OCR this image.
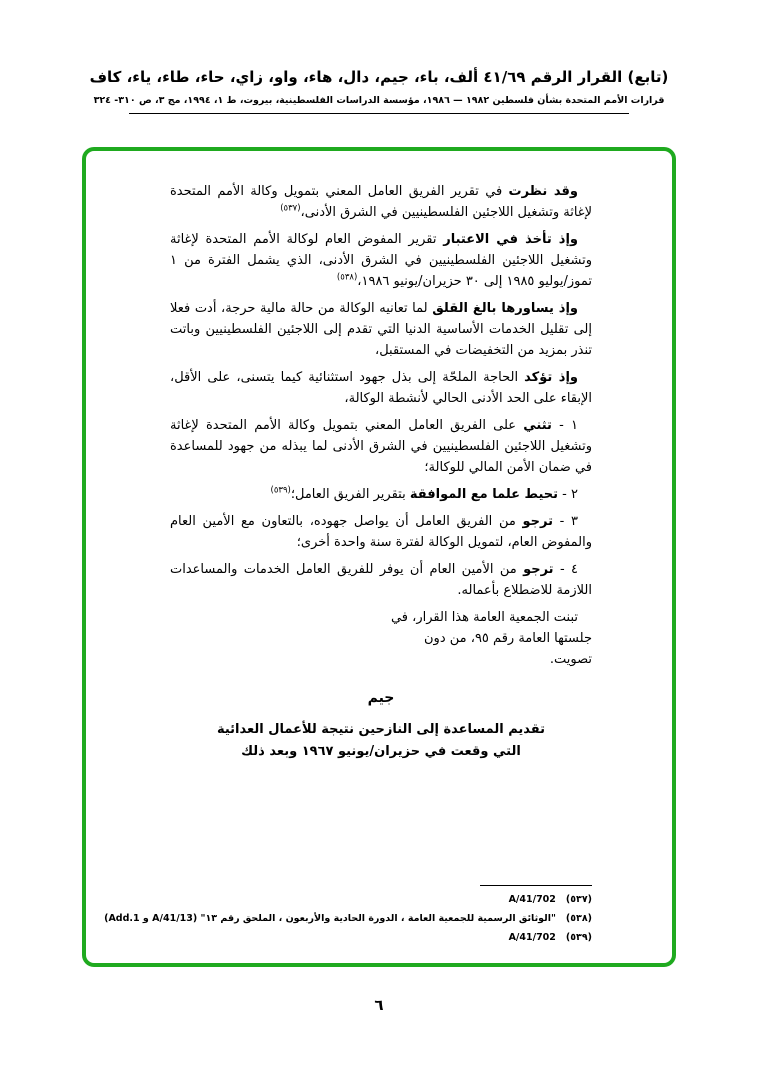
(تابع) القرار الرقم ٤١/٦٩ ألف، باء، جيم، دال، هاء، واو، زاي، حاء، طاء، ياء، كاف
قرارات الأمم المتحدة بشأن فلسطين ١٩٨٢ — ١٩٨٦، مؤسسة الدراسات الفلسطينية، بيروت، ط ١، ١٩٩٤، مج ٣، ص ٣١٠- ٣٢٤

وقد نظرت في تقرير الفريق العامل المعني بتمويل وكالة الأمم المتحدة لإغاثة وتشغيل اللاجئين الفلسطينيين في الشرق الأدنى،$^{(٥٣٧)}$

وإذ تأخذ في الاعتبار تقرير المفوض العام لوكالة الأمم المتحدة لإغاثة وتشغيل اللاجئين الفلسطينيين في الشرق الأدنى، الذي يشمل الفترة من ١ تموز/يوليو ١٩٨٥ إلى ٣٠ حزيران/يونيو ١٩٨٦،$^{(٥٣٨)}$

وإذ يساورها بالغ القلق لما تعانيه الوكالة من حالة مالية حرجة، أدت فعلا إلى تقليل الخدمات الأساسية الدنيا التي تقدم إلى اللاجئين الفلسطينيين وباتت تنذر بمزيد من التخفيضات في المستقبل،

وإذ تؤكد الحاجة الملحّة إلى بذل جهود استثنائية كيما يتسنى، على الأقل، الإبقاء على الحد الأدنى الحالي لأنشطة الوكالة،

١ - تثني على الفريق العامل المعني بتمويل وكالة الأمم المتحدة لإغاثة وتشغيل اللاجئين الفلسطينيين في الشرق الأدنى لما يبذله من جهود للمساعدة في ضمان الأمن المالي للوكالة؛

٢ - تحيط علما مع الموافقة بتقرير الفريق العامل؛$^{(٥٣٩)}$

٣ - ترجو من الفريق العامل أن يواصل جهوده، بالتعاون مع الأمين العام والمفوض العام، لتمويل الوكالة لفترة سنة واحدة أخرى؛

٤ - ترجو من الأمين العام أن يوفر للفريق العامل الخدمات والمساعدات اللازمة للاضطلاع بأعماله.

تبنت الجمعية العامة هذا القرار، في جلستها العامة رقم ٩٥، من دون تصويت.

جيم
تقديم المساعدة إلى النازحين نتيجة للأعمال العدائية التي وقعت في حزيران/يونيو ١٩٦٧ وبعد ذلك
(٥٣٧)A/41/702
(٥٣٨)"الوثائق الرسمية للجمعية العامة ، الدورة الحادية والأربعون ، الملحق رقم ١٣" (A/41/13 و Add.1)
(٥٣٩)A/41/702
٦
